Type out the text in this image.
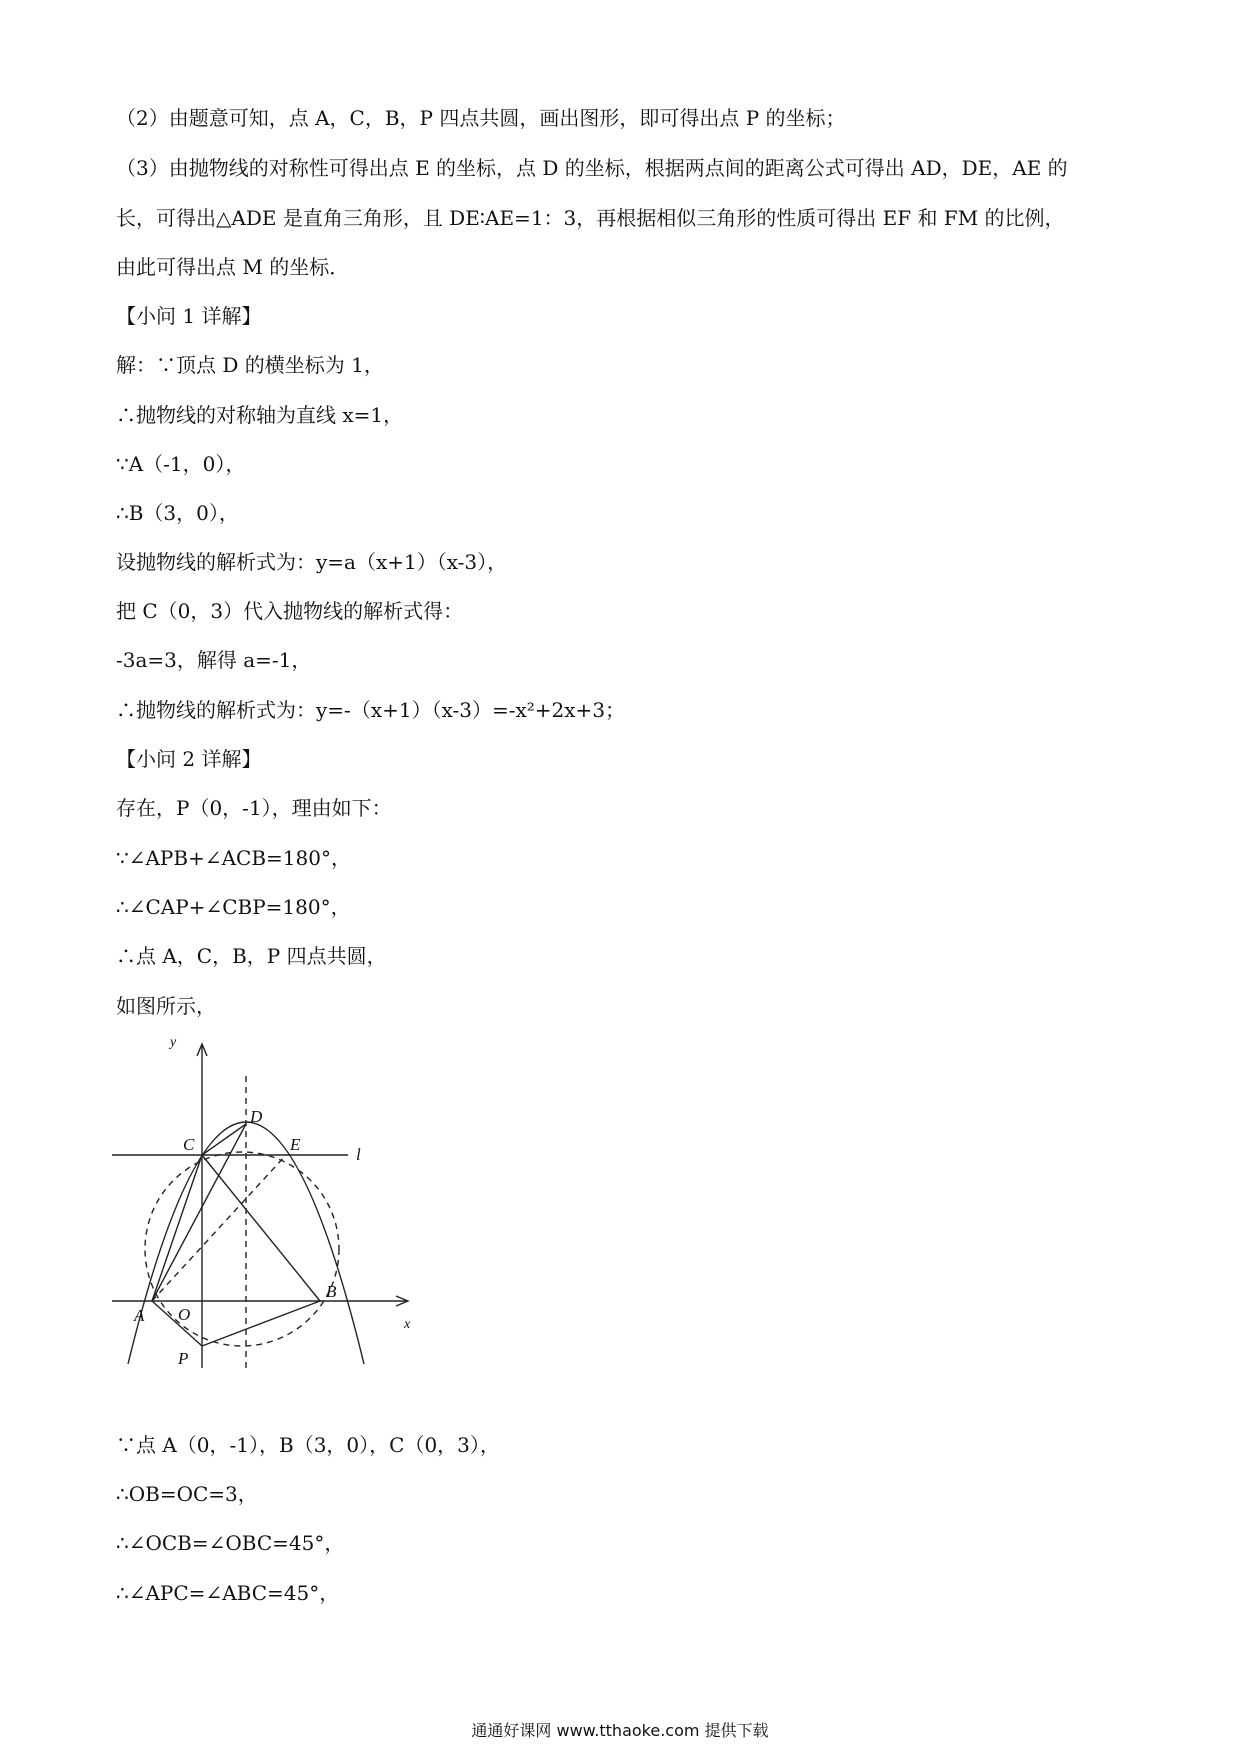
（2）由题意可知，点 A，C，B，P 四点共圆，画出图形，即可得出点 P 的坐标；
（3）由抛物线的对称性可得出点 E 的坐标，点 D 的坐标，根据两点间的距离公式可得出 AD，DE，AE 的
长，可得出△ADE 是直角三角形，且 DE∶AE=1：3，再根据相似三角形的性质可得出 EF 和 FM 的比例，
由此可得出点 M 的坐标．
【小问 1 详解】
解：∵顶点 D 的横坐标为 1，
∴抛物线的对称轴为直线 x=1，
∵A（-1，0），
∴B（3，0），
设抛物线的解析式为：y=a（x+1）（x-3），
把 C（0，3）代入抛物线的解析式得：
-3a=3，解得 a=-1，
∴抛物线的解析式为：y=-（x+1）（x-3）=-x²+2x+3；
【小问 2 详解】
存在，P（0，-1），理由如下：
∵∠APB+∠ACB=180°，
∴∠CAP+∠CBP=180°，
∴点 A，C，B，P 四点共圆，
如图所示，
y
x
D
E
C
l
A O
B
P
∵点 A（0，-1），B（3，0），C（0，3），
∴OB=OC=3，
∴∠OCB=∠OBC=45°，
∴∠APC=∠ABC=45°，
通通好课网 www.tthaoke.com 提供下载
